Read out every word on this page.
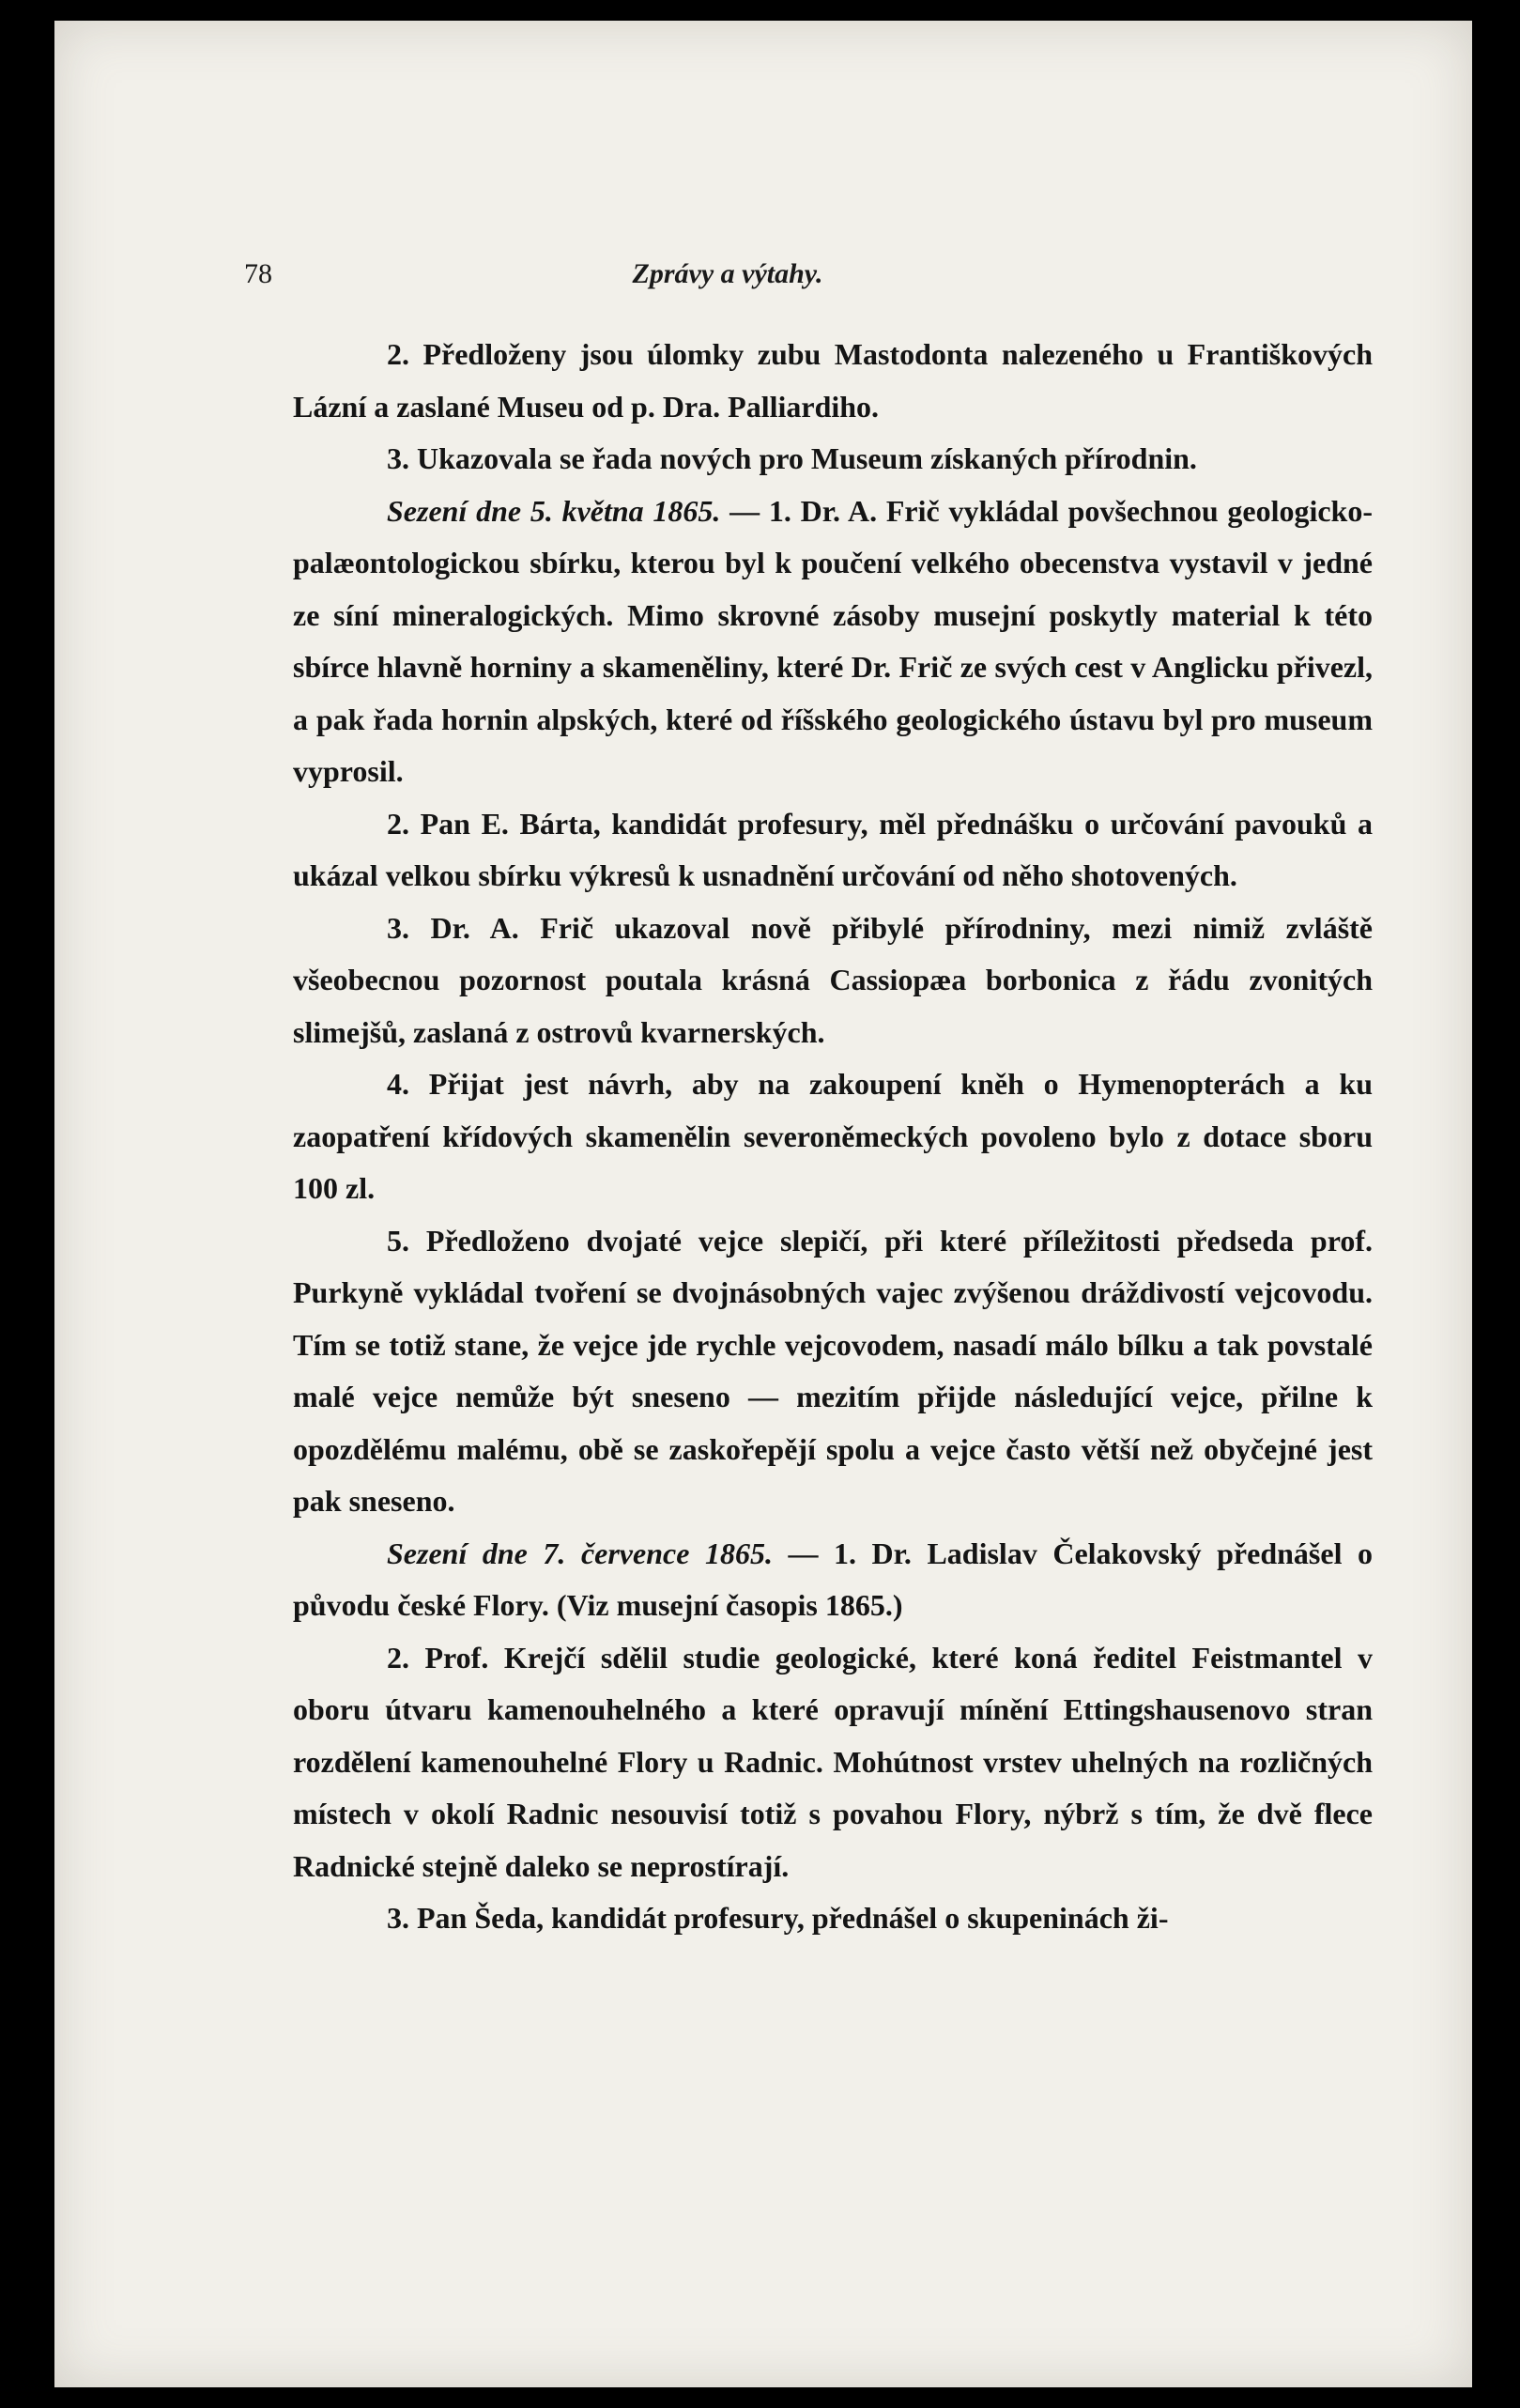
78	Zprávy a výtahy.

2. Předloženy jsou úlomky zubu Mastodonta nalezeného u Františkových Lázní a zaslané Museu od p. Dra. Palliardiho.

3. Ukazovala se řada nových pro Museum získaných přírodnin.

Sezení dne 5. května 1865. — 1. Dr. A. Frič vykládal povšechnou geologicko-palæontologickou sbírku, kterou byl k poučení velkého obecenstva vystavil v jedné ze síní mineralogických. Mimo skrovné zásoby musejní poskytly material k této sbírce hlavně horniny a skameněliny, které Dr. Frič ze svých cest v Anglicku přivezl, a pak řada hornin alpských, které od říšského geologického ústavu byl pro museum vyprosil.

2. Pan E. Bárta, kandidát profesury, měl přednášku o určování pavouků a ukázal velkou sbírku výkresů k usnadnění určování od něho shotovených.

3. Dr. A. Frič ukazoval nově přibylé přírodniny, mezi nimiž zvláště všeobecnou pozornost poutala krásná Cassiopæa borbonica z řádu zvonitých slimejšů, zaslaná z ostrovů kvarnerských.

4. Přijat jest návrh, aby na zakoupení kněh o Hymenopterách a ku zaopatření křídových skamenělin severoněmeckých povoleno bylo z dotace sboru 100 zl.

5. Předloženo dvojaté vejce slepičí, při které příležitosti předseda prof. Purkyně vykládal tvoření se dvojnásobných vajec zvýšenou dráždivostí vejcovodu. Tím se totiž stane, že vejce jde rychle vejcovodem, nasadí málo bílku a tak povstalé malé vejce nemůže být sneseno — mezitím přijde následující vejce, přilne k opozdělému malému, obě se zaskořepějí spolu a vejce často větší než obyčejné jest pak sneseno.

Sezení dne 7. července 1865. — 1. Dr. Ladislav Čelakovský přednášel o původu české Flory. (Viz musejní časopis 1865.)

2. Prof. Krejčí sdělil studie geologické, které koná ředitel Feistmantel v oboru útvaru kamenouhelného a které opravují mínění Ettingshausenovo stran rozdělení kamenouhelné Flory u Radnic. Mohútnost vrstev uhelných na rozličných místech v okolí Radnic nesouvisí totiž s povahou Flory, nýbrž s tím, že dvě flece Radnické stejně daleko se neprostírají.

3. Pan Šeda, kandidát profesury, přednášel o skupeninách ži-
